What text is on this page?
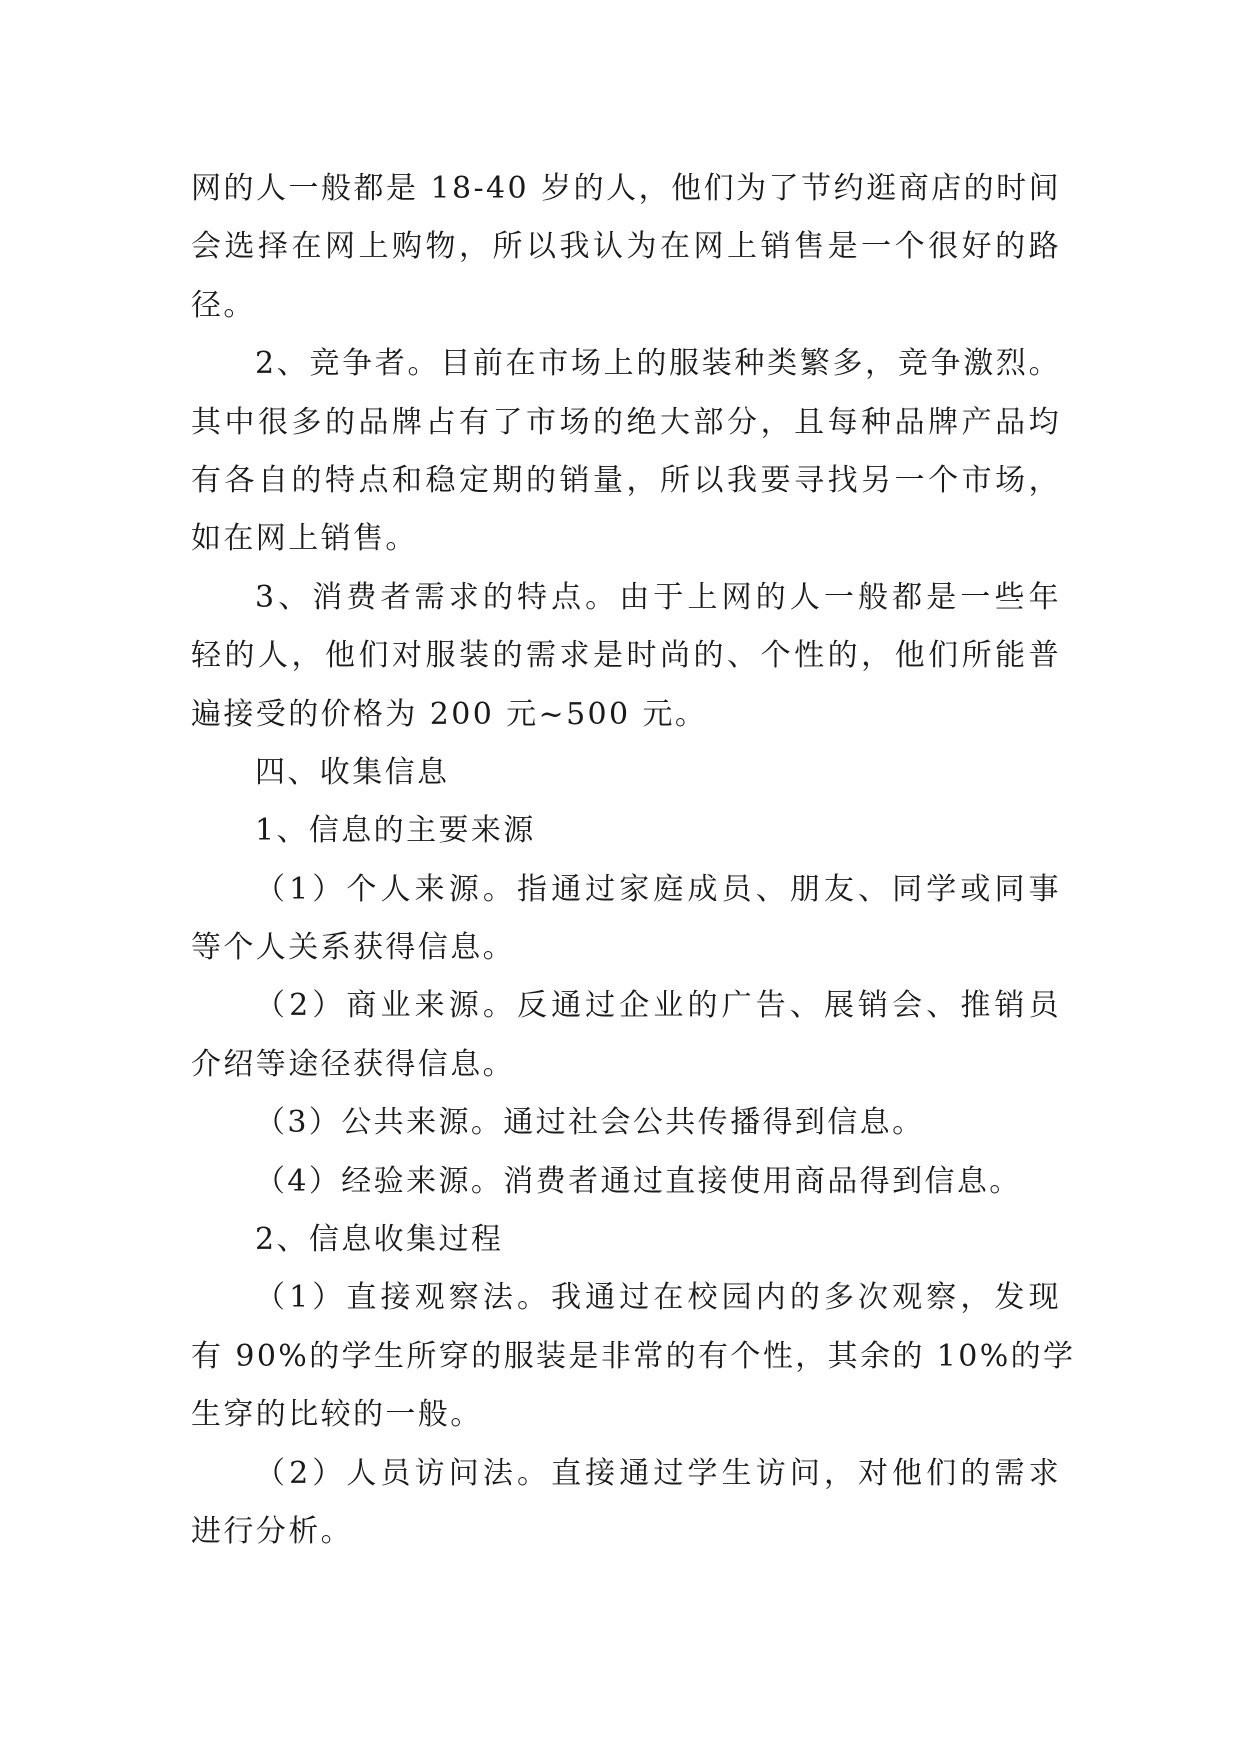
网的人一般都是 18-40 岁的人，他们为了节约逛商店的时间
会选择在网上购物，所以我认为在网上销售是一个很好的路
径。
2、竞争者。目前在市场上的服装种类繁多，竞争激烈。
其中很多的品牌占有了市场的绝大部分，且每种品牌产品均
有各自的特点和稳定期的销量，所以我要寻找另一个市场，
如在网上销售。
3、消费者需求的特点。由于上网的人一般都是一些年
轻的人，他们对服装的需求是时尚的、个性的，他们所能普
遍接受的价格为 200 元~500 元。
四、收集信息
1、信息的主要来源
（1）个人来源。指通过家庭成员、朋友、同学或同事
等个人关系获得信息。
（2）商业来源。反通过企业的广告、展销会、推销员
介绍等途径获得信息。
（3）公共来源。通过社会公共传播得到信息。
（4）经验来源。消费者通过直接使用商品得到信息。
2、信息收集过程
（1）直接观察法。我通过在校园内的多次观察，发现
有 90%的学生所穿的服装是非常的有个性，其余的 10%的学
生穿的比较的一般。
（2）人员访问法。直接通过学生访问，对他们的需求
进行分析。
